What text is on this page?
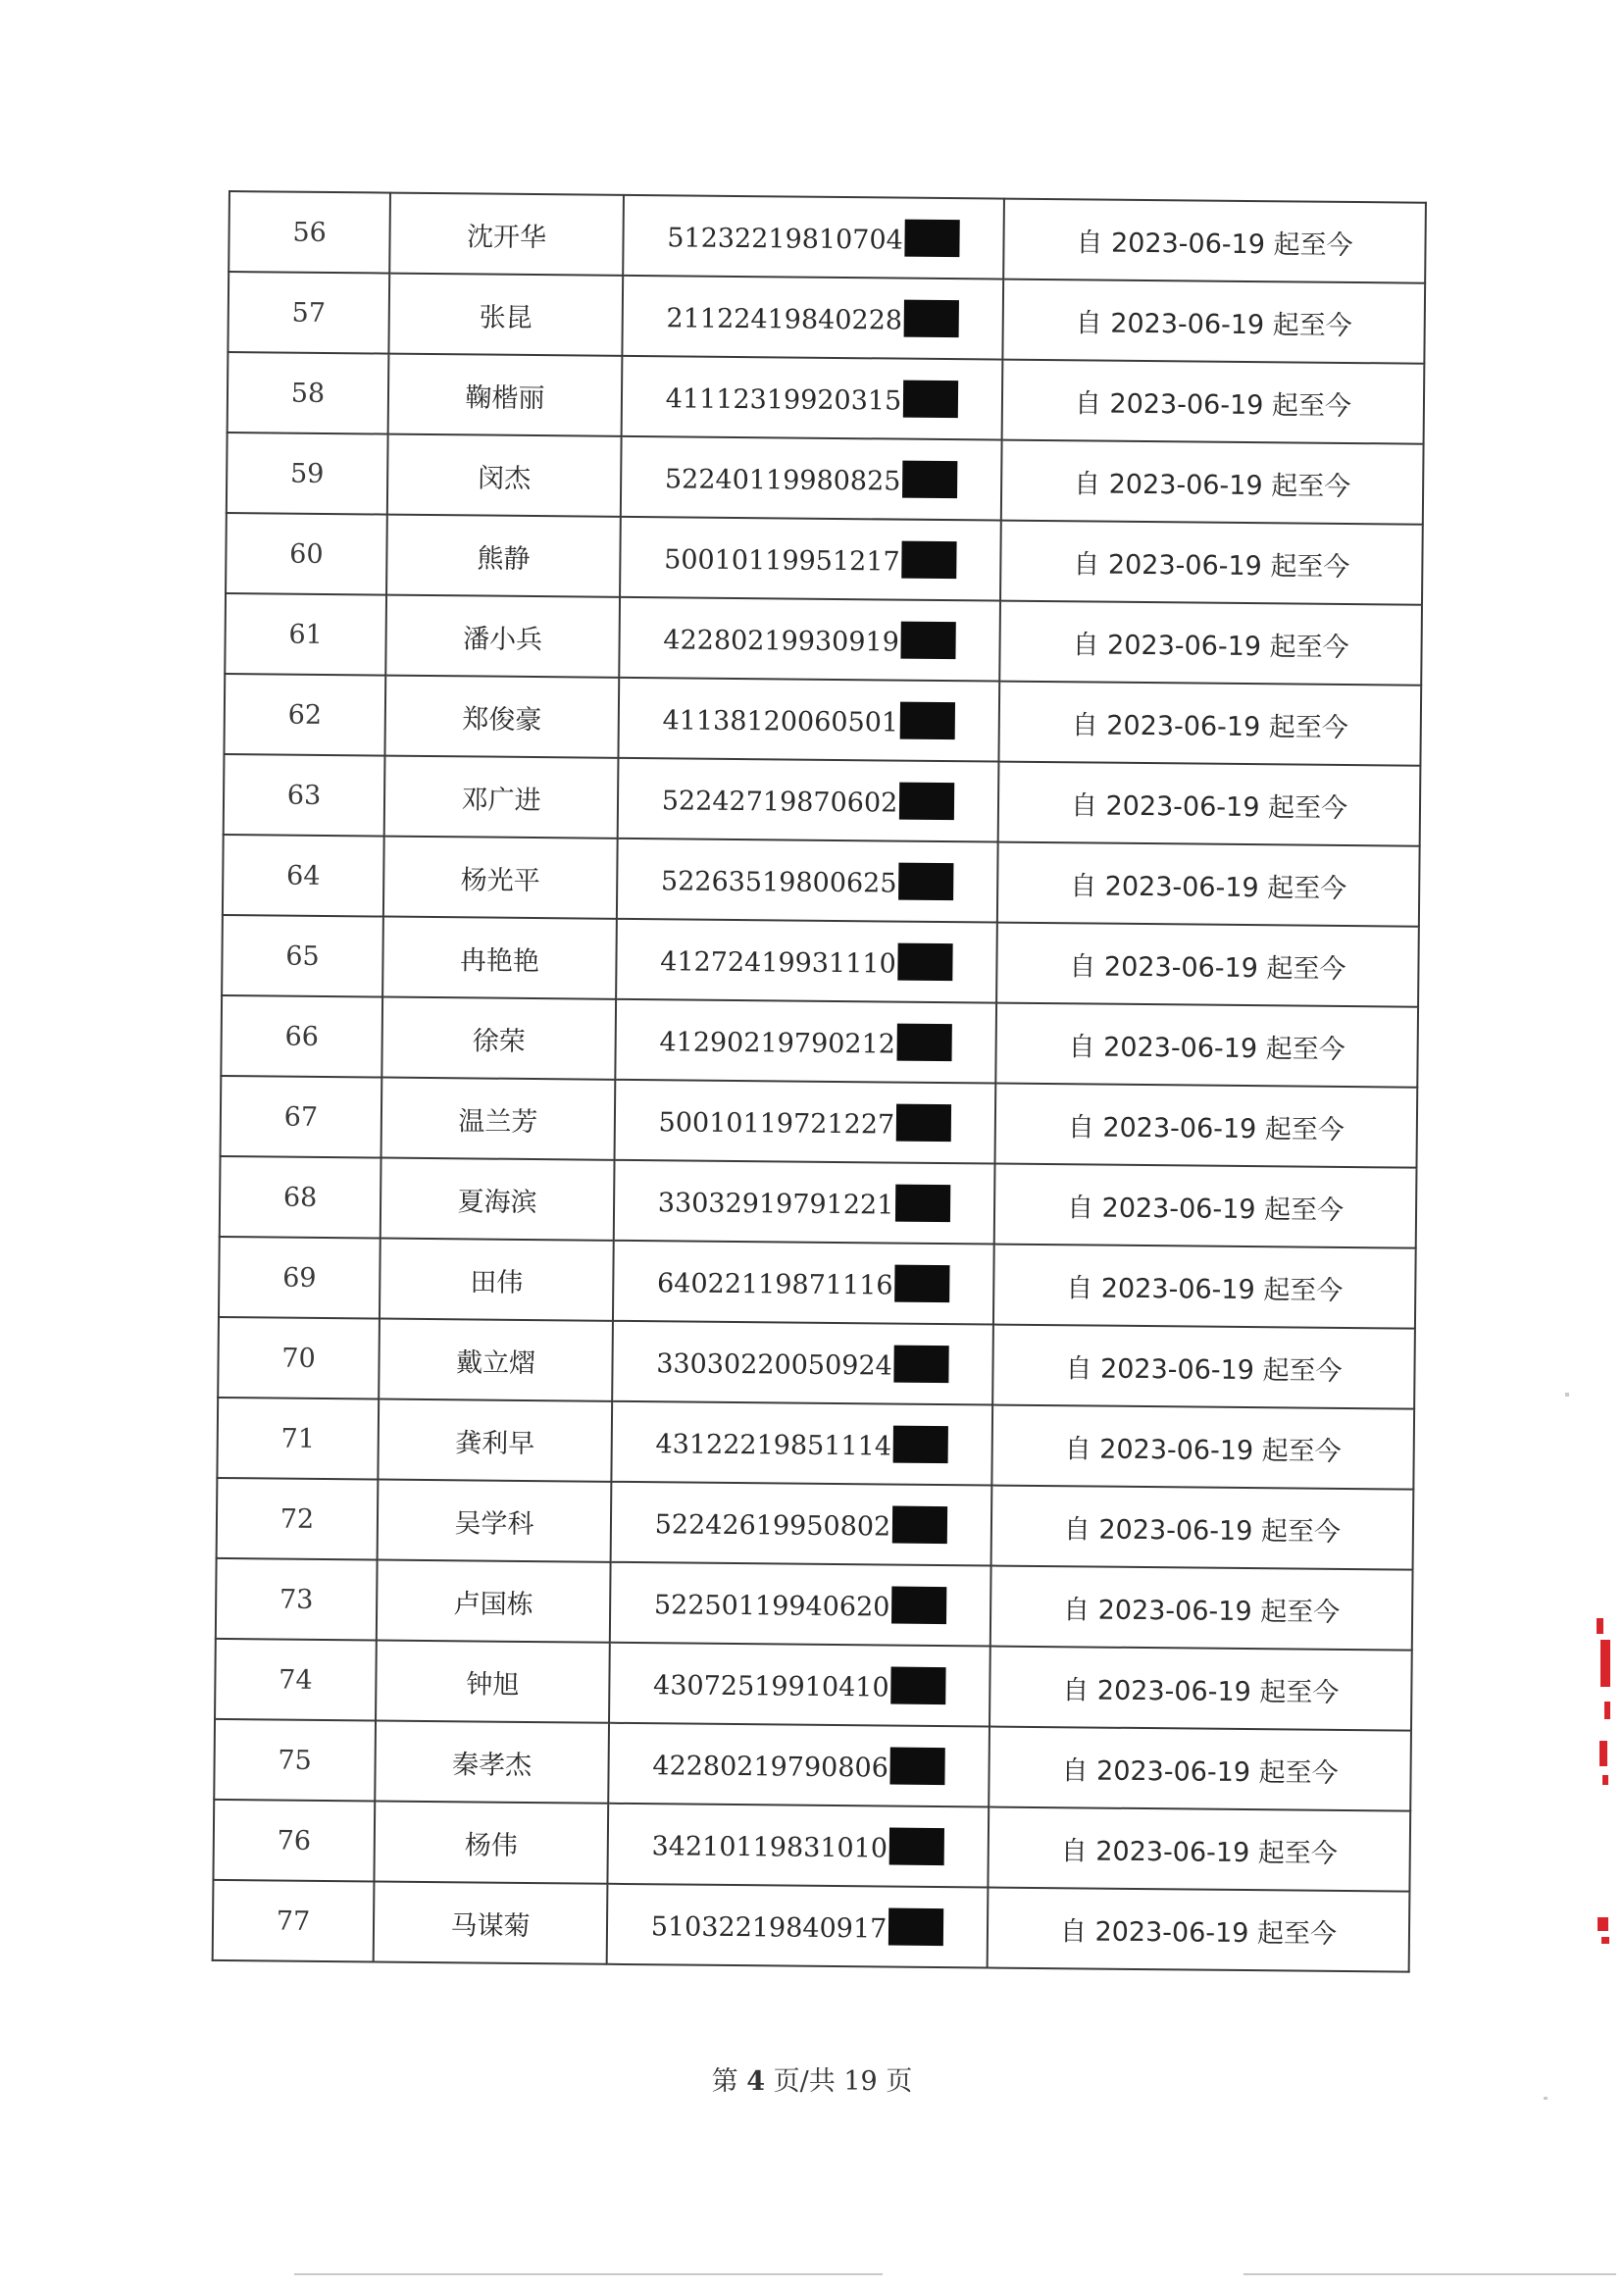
56	沈开华	51232219810704	自 2023-06-19 起至今
57	张昆	21122419840228	自 2023-06-19 起至今
58	鞠楷丽	41112319920315	自 2023-06-19 起至今
59	闵杰	52240119980825	自 2023-06-19 起至今
60	熊静	50010119951217	自 2023-06-19 起至今
61	潘小兵	42280219930919	自 2023-06-19 起至今
62	郑俊豪	41138120060501	自 2023-06-19 起至今
63	邓广进	52242719870602	自 2023-06-19 起至今
64	杨光平	52263519800625	自 2023-06-19 起至今
65	冉艳艳	41272419931110	自 2023-06-19 起至今
66	徐荣	41290219790212	自 2023-06-19 起至今
67	温兰芳	50010119721227	自 2023-06-19 起至今
68	夏海滨	33032919791221	自 2023-06-19 起至今
69	田伟	64022119871116	自 2023-06-19 起至今
70	戴立熠	33030220050924	自 2023-06-19 起至今
71	龚利早	43122219851114	自 2023-06-19 起至今
72	吴学科	52242619950802	自 2023-06-19 起至今
73	卢国栋	52250119940620	自 2023-06-19 起至今
74	钟旭	43072519910410	自 2023-06-19 起至今
75	秦孝杰	42280219790806	自 2023-06-19 起至今
76	杨伟	34210119831010	自 2023-06-19 起至今
77	马谋菊	51032219840917	自 2023-06-19 起至今
第 4 页/共 19 页
